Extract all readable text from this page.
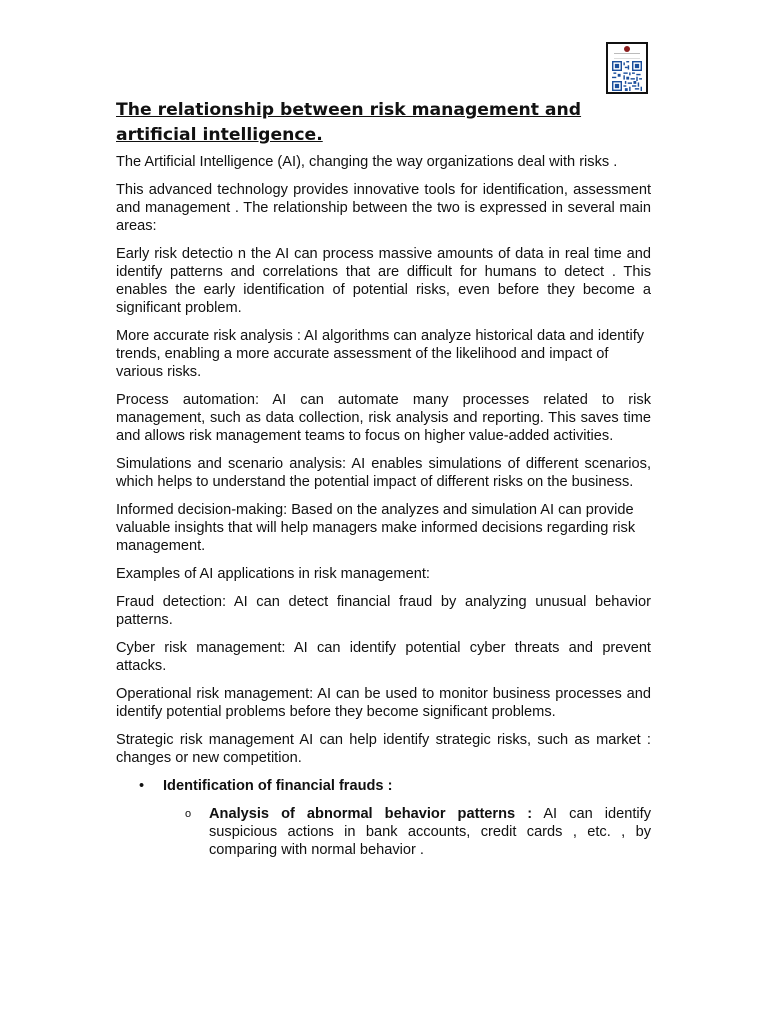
The relationship between risk management and artificial intelligence.

The Artificial Intelligence (AI), changing the way organizations deal with risks .

This advanced technology provides innovative tools for identification, assessment and management . The relationship between the two is expressed in several main areas:

Early risk detectio n the AI can process massive amounts of data in real time and identify patterns and correlations that are difficult for humans to detect . This enables the early identification of potential risks, even before they become a significant problem.

More accurate risk analysis : AI algorithms can analyze historical data and identify trends, enabling a more accurate assessment of the likelihood and impact of various risks.

Process automation: AI can automate many processes related to risk management, such as data collection, risk analysis and reporting. This saves time and allows risk management teams to focus on higher value-added activities.

Simulations and scenario analysis: AI enables simulations of different scenarios, which helps to understand the potential impact of different risks on the business.

Informed decision-making: Based on the analyzes and simulation AI can provide valuable insights that will help managers make informed decisions regarding risk management.

Examples of AI applications in risk management:

Fraud detection: AI can detect financial fraud by analyzing unusual behavior patterns.

Cyber risk management: AI can identify potential cyber threats and prevent attacks.

Operational risk management: AI can be used to monitor business processes and identify potential problems before they become significant problems.

Strategic risk management AI can help identify strategic risks, such as market : changes or new competition.

• Identification of financial frauds :
o Analysis of abnormal behavior patterns : AI can identify suspicious actions in bank accounts, credit cards , etc. , by comparing with normal behavior .
